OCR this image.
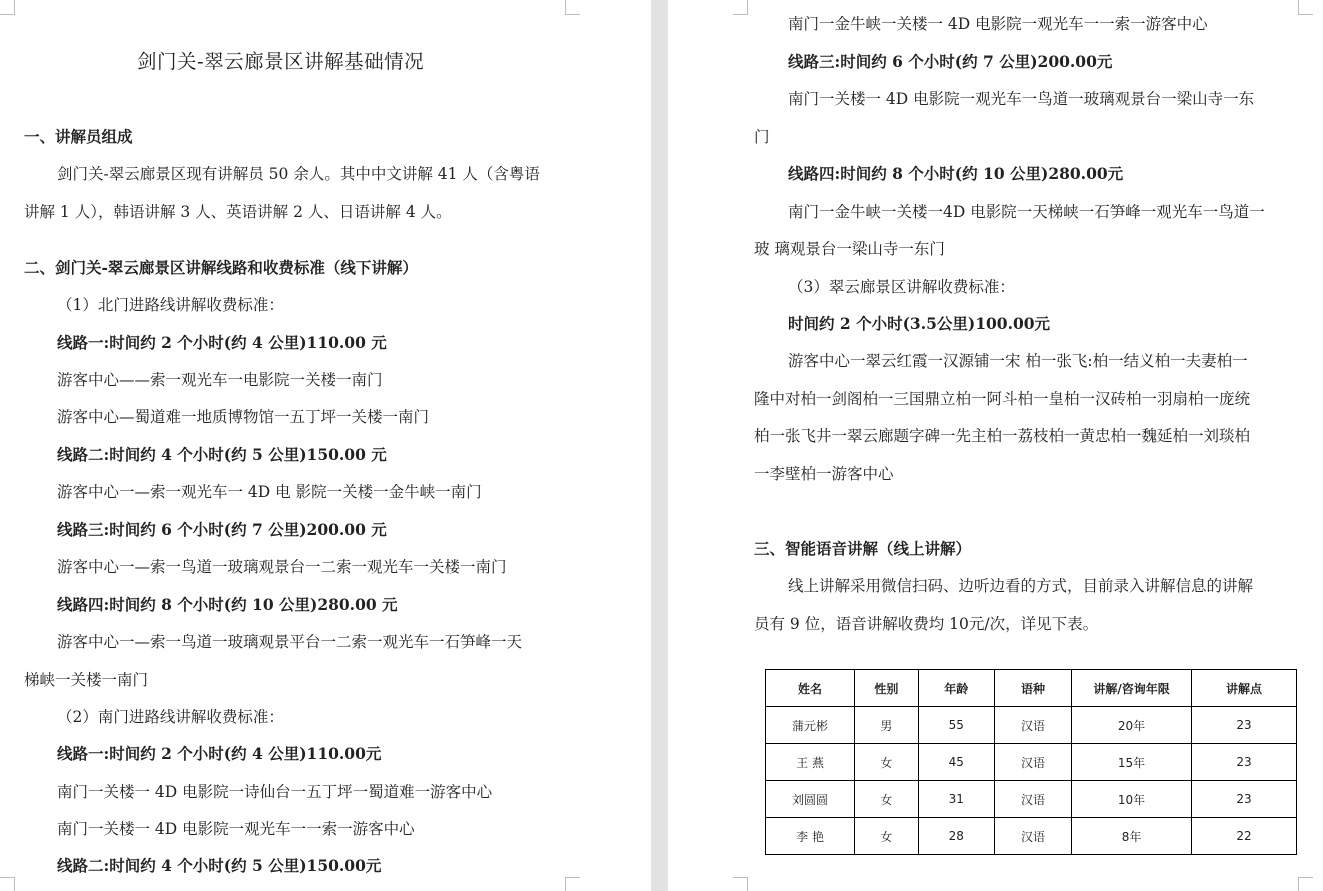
剑门关-翠云廊景区讲解基础情况
一、讲解员组成
剑门关-翠云廊景区现有讲解员 50 余人。其中中文讲解 41 人（含粤语
讲解 1 人），韩语讲解 3 人、英语讲解 2 人、日语讲解 4 人。
二、剑门关-翠云廊景区讲解线路和收费标准（线下讲解）
（1）北门进路线讲解收费标准：
线路一:时间约 2 个小时(约 4 公里)110.00 元
游客中心——索一观光车一电影院一关楼一南门
游客中心—蜀道难一地质博物馆一五丁坪一关楼一南门
线路二:时间约 4 个小时(约 5 公里)150.00 元
游客中心一—索一观光车一 4D 电 影院一关楼一金牛峡一南门
线路三:时间约 6 个小时(约 7 公里)200.00 元
游客中心一—索一鸟道一玻璃观景台一二索一观光车一关楼一南门
线路四:时间约 8 个小时(约 10 公里)280.00 元
游客中心一—索一鸟道一玻璃观景平台一二索一观光车一石笋峰一天
梯峡一关楼一南门
（2）南门进路线讲解收费标准：
线路一:时间约 2 个小时(约 4 公里)110.00元
南门一关楼一 4D 电影院一诗仙台一五丁坪一蜀道难一游客中心
南门一关楼一 4D 电影院一观光车一一索一游客中心
线路二:时间约 4 个小时(约 5 公里)150.00元
南门一金牛峡一关楼一 4D 电影院一观光车一一索一游客中心
线路三:时间约 6 个小时(约 7 公里)200.00元
南门一关楼一 4D 电影院一观光车一鸟道一玻璃观景台一梁山寺一东
门
线路四:时间约 8 个小时(约 10 公里)280.00元
南门一金牛峡一关楼一4D 电影院一天梯峡一石笋峰一观光车一鸟道一
玻 璃观景台一梁山寺一东门
（3）翠云廊景区讲解收费标准：
时间约 2 个小时(3.5公里)100.00元
游客中心一翠云红霞一汉源铺一宋 柏一张飞:柏一结义柏一夫妻柏一
隆中对柏一剑阁柏一三国鼎立柏一阿斗柏一皇柏一汉砖柏一羽扇柏一庞统
柏一张飞井一翠云廊题字碑一先主柏一荔枝柏一黄忠柏一魏延柏一刘琰柏
一李壁柏一游客中心
三、智能语音讲解（线上讲解）
线上讲解采用微信扫码、边听边看的方式，目前录入讲解信息的讲解
员有 9 位，语音讲解收费均 10元/次，详见下表。
姓名	性别	年龄	语种	讲解/咨询年限	讲解点
蒲元彬	男	55	汉语	20年	23
王 燕	女	45	汉语	15年	23
刘圆圆	女	31	汉语	10年	23
李 艳	女	28	汉语	8年	22
